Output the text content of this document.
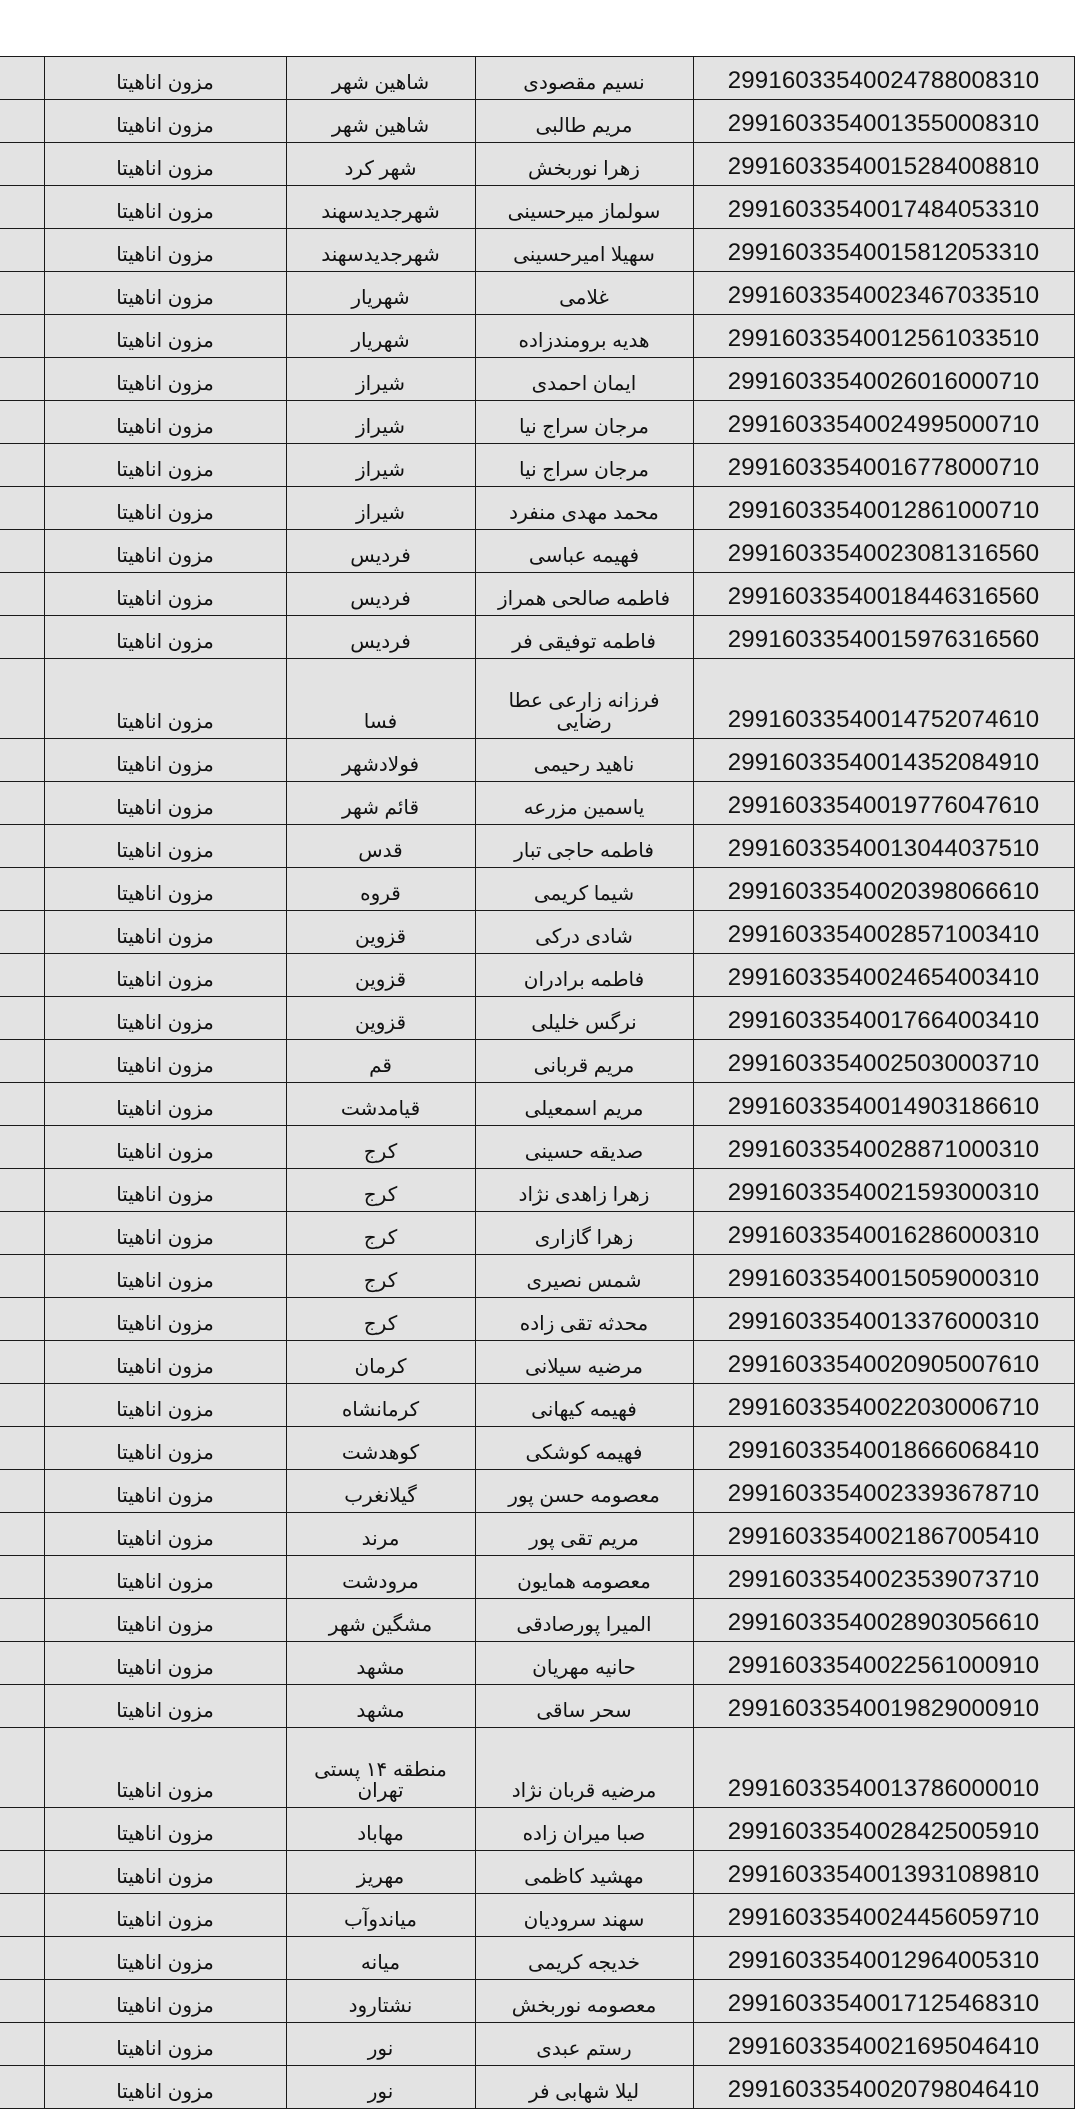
	مزون اناهیتا	شاهین شهر	نسیم مقصودی	29916033540024788008310
	مزون اناهیتا	شاهین شهر	مریم طالبی	29916033540013550008310
	مزون اناهیتا	شهر کرد	زهرا نوربخش	29916033540015284008810
	مزون اناهیتا	شهرجدیدسهند	سولماز میرحسینی	29916033540017484053310
	مزون اناهیتا	شهرجدیدسهند	سهیلا امیرحسینی	29916033540015812053310
	مزون اناهیتا	شهریار	غلامی	29916033540023467033510
	مزون اناهیتا	شهریار	هدیه برومندزاده	29916033540012561033510
	مزون اناهیتا	شیراز	ایمان احمدی	29916033540026016000710
	مزون اناهیتا	شیراز	مرجان سراج نیا	29916033540024995000710
	مزون اناهیتا	شیراز	مرجان سراج نیا	29916033540016778000710
	مزون اناهیتا	شیراز	محمد مهدی منفرد	29916033540012861000710
	مزون اناهیتا	فردیس	فهیمه عباسی	29916033540023081316560
	مزون اناهیتا	فردیس	فاطمه صالحی همراز	29916033540018446316560
	مزون اناهیتا	فردیس	فاطمه توفیقی فر	29916033540015976316560
	مزون اناهیتا	فسا	فرزانه زارعی عطا رضایی	29916033540014752074610
	مزون اناهیتا	فولادشهر	ناهید رحیمی	29916033540014352084910
	مزون اناهیتا	قائم شهر	یاسمین مزرعه	29916033540019776047610
	مزون اناهیتا	قدس	فاطمه حاجی تبار	29916033540013044037510
	مزون اناهیتا	قروه	شیما کریمی	29916033540020398066610
	مزون اناهیتا	قزوین	شادی درکی	29916033540028571003410
	مزون اناهیتا	قزوین	فاطمه برادران	29916033540024654003410
	مزون اناهیتا	قزوین	نرگس خلیلی	29916033540017664003410
	مزون اناهیتا	قم	مریم قربانی	29916033540025030003710
	مزون اناهیتا	قیامدشت	مریم اسمعیلی	29916033540014903186610
	مزون اناهیتا	کرج	صدیقه حسینی	29916033540028871000310
	مزون اناهیتا	کرج	زهرا زاهدی نژاد	29916033540021593000310
	مزون اناهیتا	کرج	زهرا گازاری	29916033540016286000310
	مزون اناهیتا	کرج	شمس نصیری	29916033540015059000310
	مزون اناهیتا	کرج	محدثه تقی زاده	29916033540013376000310
	مزون اناهیتا	کرمان	مرضیه سیلانی	29916033540020905007610
	مزون اناهیتا	کرمانشاه	فهیمه کیهانی	29916033540022030006710
	مزون اناهیتا	کوهدشت	فهیمه کوشکی	29916033540018666068410
	مزون اناهیتا	گیلانغرب	معصومه حسن پور	29916033540023393678710
	مزون اناهیتا	مرند	مریم تقی پور	29916033540021867005410
	مزون اناهیتا	مرودشت	معصومه همایون	29916033540023539073710
	مزون اناهیتا	مشگین شهر	المیرا پورصادقی	29916033540028903056610
	مزون اناهیتا	مشهد	حانیه مهریان	29916033540022561000910
	مزون اناهیتا	مشهد	سحر ساقی	29916033540019829000910
	مزون اناهیتا	منطقه ۱۴ پستی تهران	مرضیه قربان نژاد	29916033540013786000010
	مزون اناهیتا	مهاباد	صبا میران زاده	29916033540028425005910
	مزون اناهیتا	مهریز	مهشید کاظمی	29916033540013931089810
	مزون اناهیتا	میاندوآب	سهند سرودیان	29916033540024456059710
	مزون اناهیتا	میانه	خدیجه کریمی	29916033540012964005310
	مزون اناهیتا	نشتارود	معصومه نوربخش	29916033540017125468310
	مزون اناهیتا	نور	رستم عبدی	29916033540021695046410
	مزون اناهیتا	نور	لیلا شهابی فر	29916033540020798046410
